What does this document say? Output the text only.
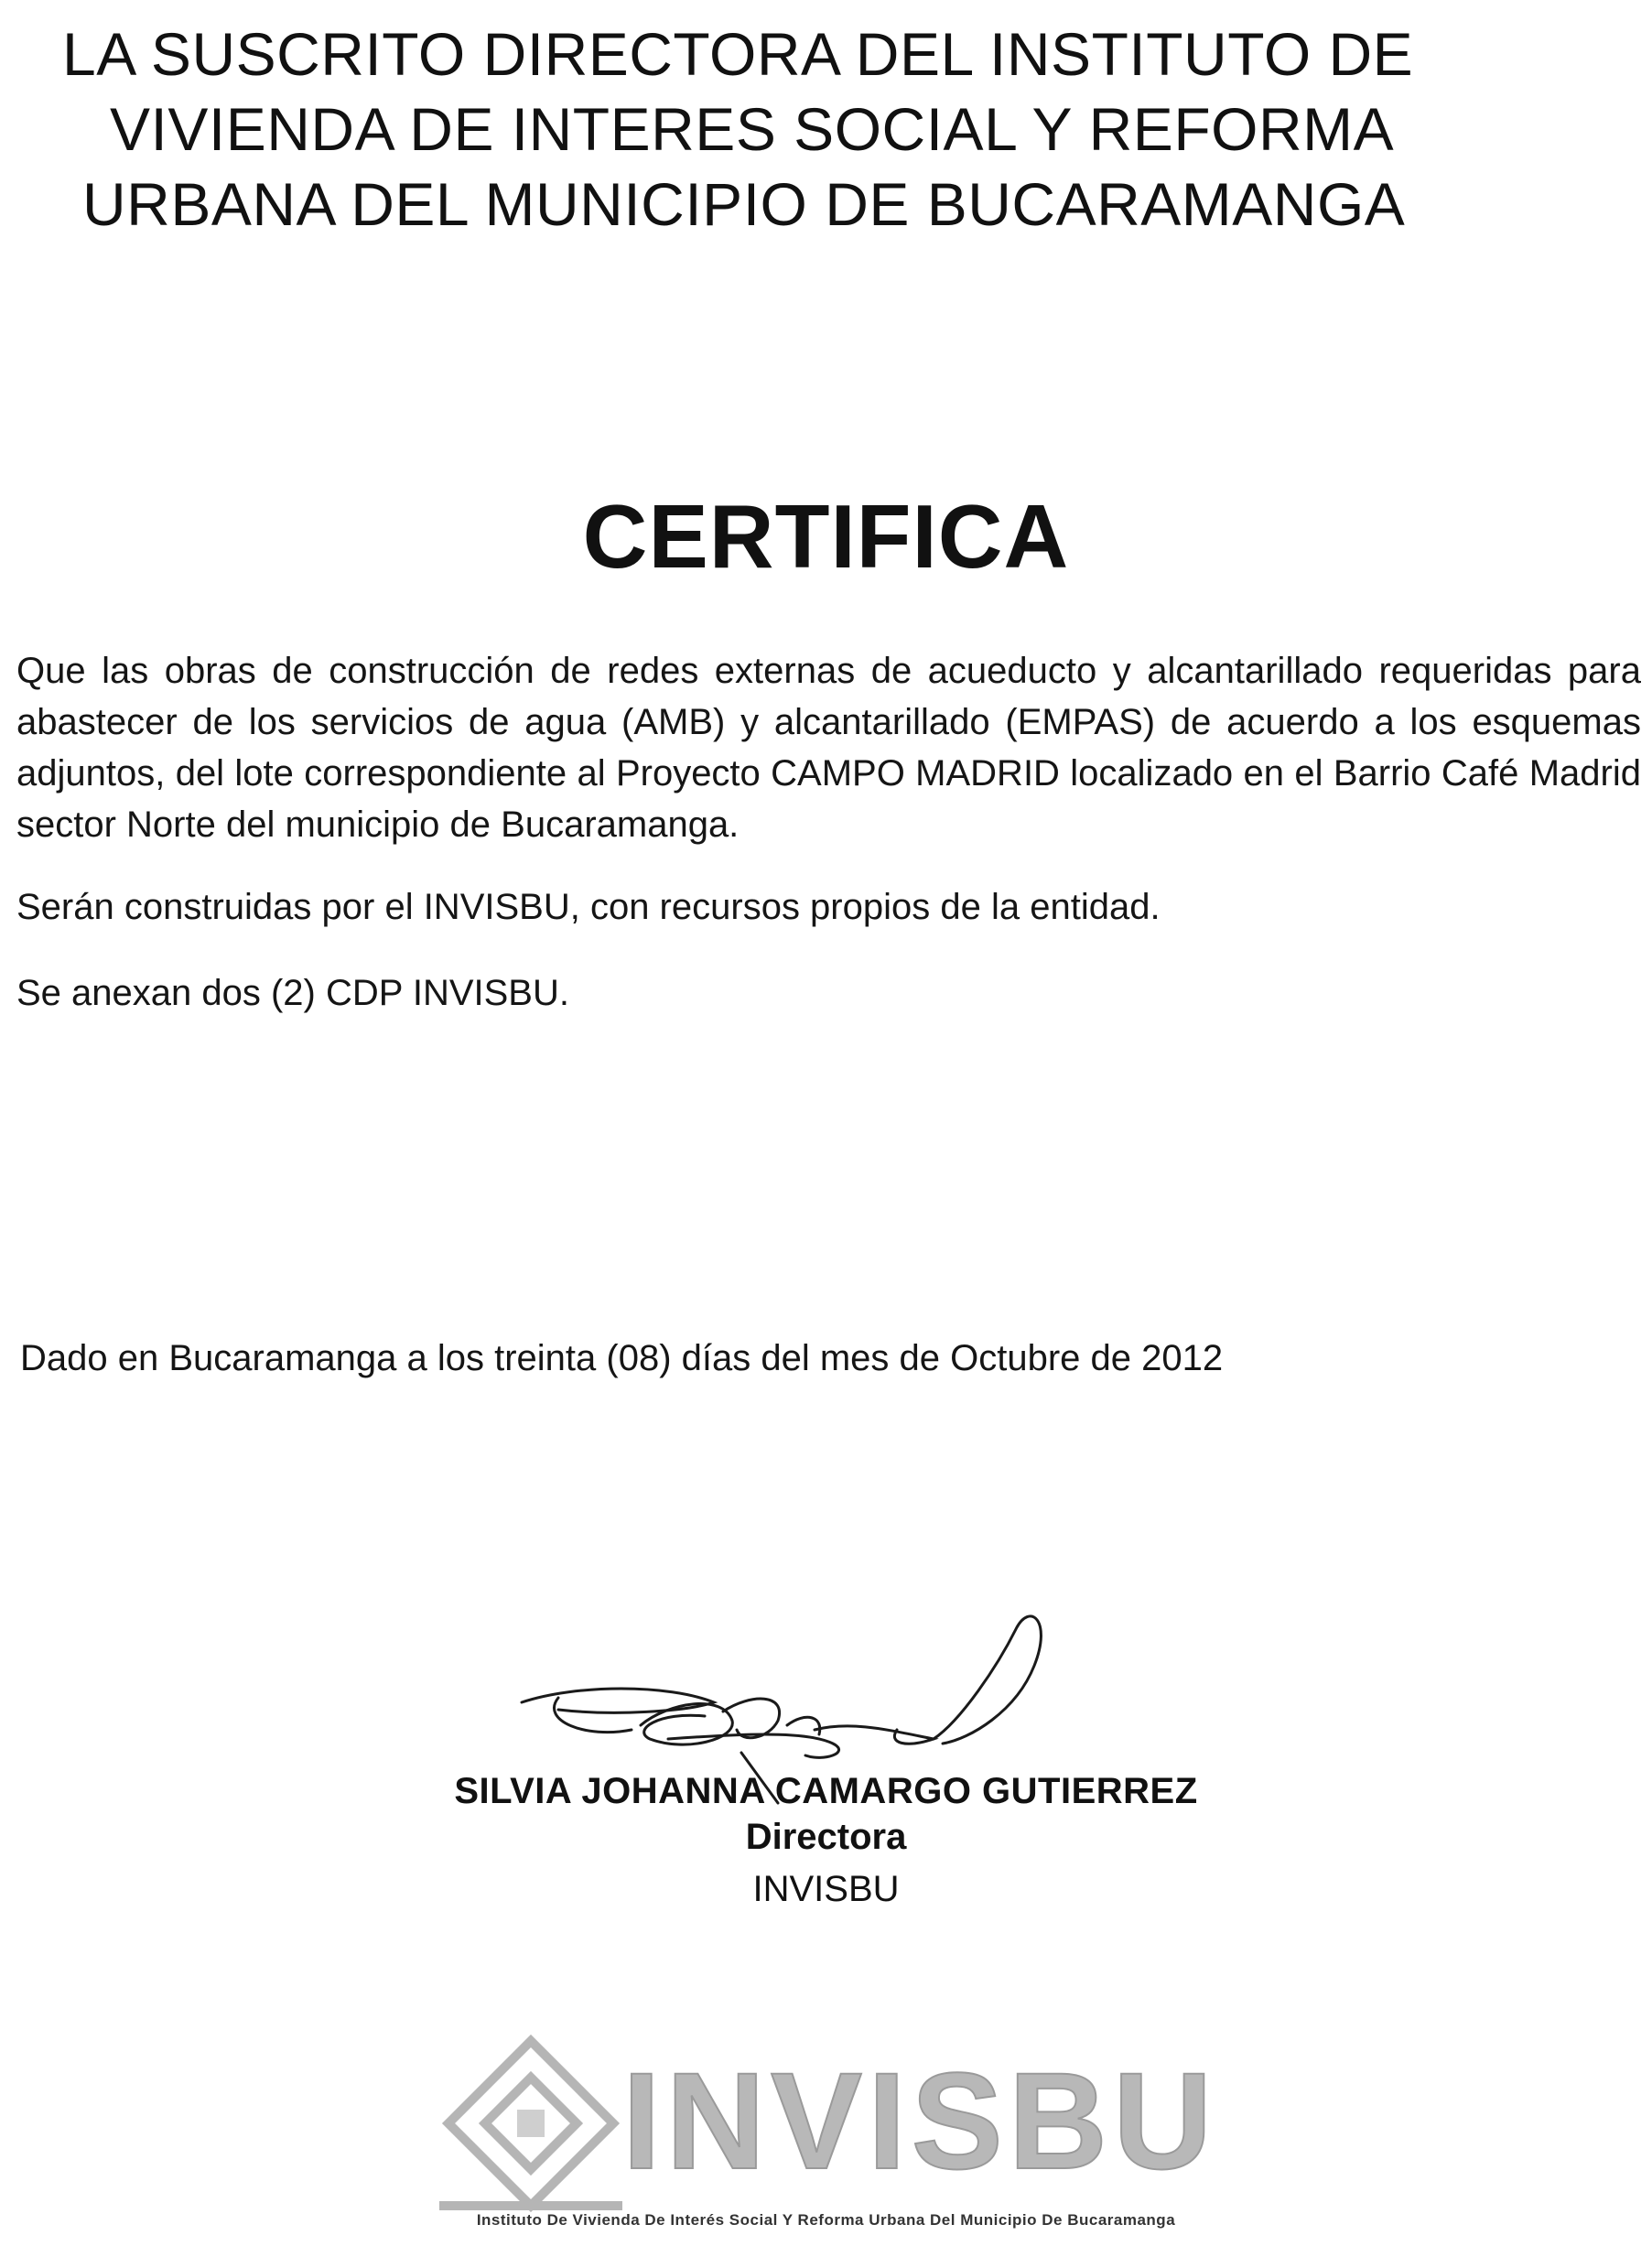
LA SUSCRITO DIRECTORA DEL INSTITUTO DE
VIVIENDA DE INTERES SOCIAL Y REFORMA
URBANA DEL MUNICIPIO DE BUCARAMANGA
CERTIFICA

Que las obras de construcción de redes externas de acueducto y alcantarillado requeridas para abastecer de los servicios de agua (AMB) y alcantarillado (EMPAS) de acuerdo a los esquemas adjuntos, del lote correspondiente al Proyecto CAMPO MADRID localizado en el Barrio Café Madrid sector Norte del municipio de Bucaramanga.

Serán construidas por el INVISBU, con recursos propios de la entidad.

Se anexan dos (2) CDP INVISBU.

Dado en Bucaramanga a los treinta (08) días del mes de Octubre de 2012
SILVIA JOHANNA CAMARGO GUTIERREZ
Directora
INVISBU
INVISBU
Instituto De Vivienda De Interés Social Y Reforma Urbana Del Municipio De Bucaramanga
